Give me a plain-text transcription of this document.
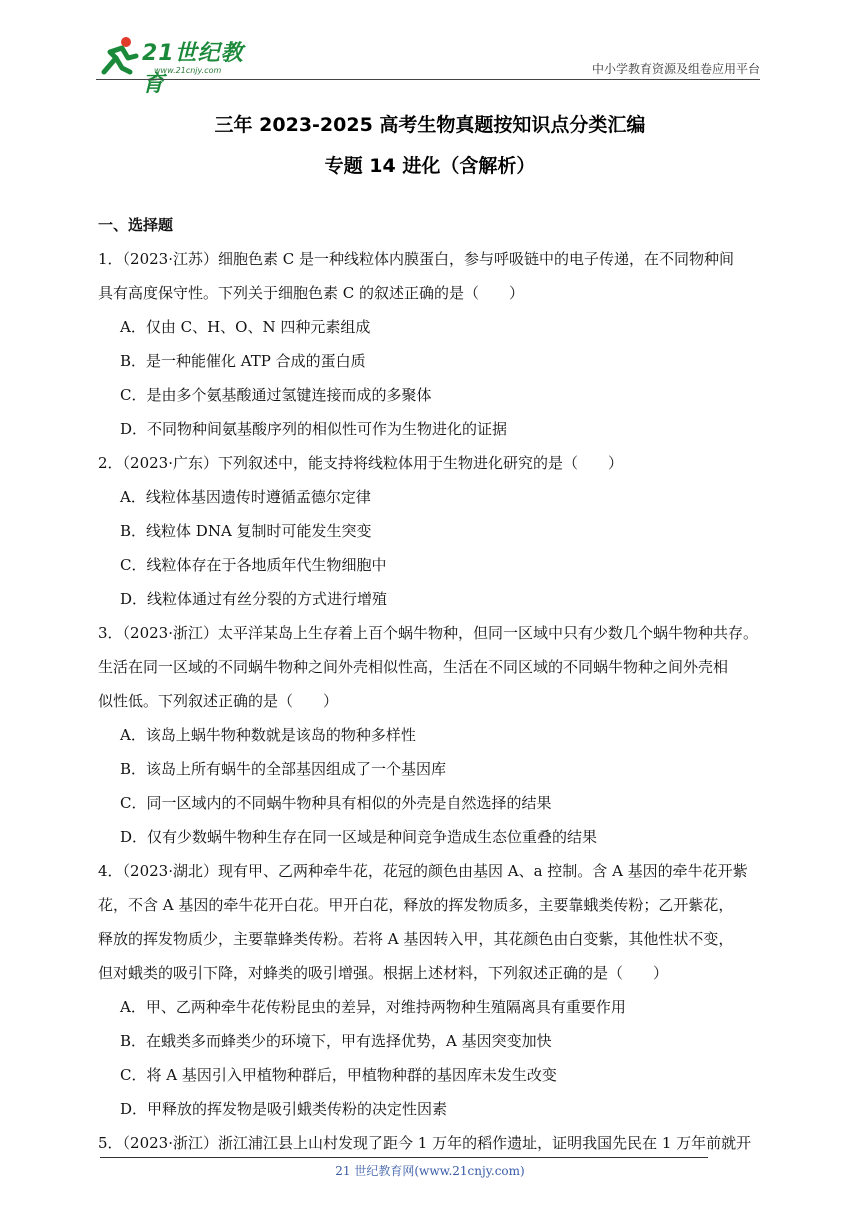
21世纪教育
www.21cnjy.com	中小学教育资源及组卷应用平台
三年 2023-2025 高考生物真题按知识点分类汇编
专题 14 进化（含解析）
一、选择题
1．（2023·江苏）细胞色素 C 是一种线粒体内膜蛋白，参与呼吸链中的电子传递，在不同物种间
具有高度保守性。下列关于细胞色素 C 的叙述正确的是（　　）
A．仅由 C、H、O、N 四种元素组成
B．是一种能催化 ATP 合成的蛋白质
C．是由多个氨基酸通过氢键连接而成的多聚体
D．不同物种间氨基酸序列的相似性可作为生物进化的证据
2．（2023·广东）下列叙述中，能支持将线粒体用于生物进化研究的是（　　）
A．线粒体基因遗传时遵循孟德尔定律
B．线粒体 DNA 复制时可能发生突变
C．线粒体存在于各地质年代生物细胞中
D．线粒体通过有丝分裂的方式进行增殖
3．（2023·浙江）太平洋某岛上生存着上百个蜗牛物种，但同一区域中只有少数几个蜗牛物种共存。
生活在同一区域的不同蜗牛物种之间外壳相似性高，生活在不同区域的不同蜗牛物种之间外壳相
似性低。下列叙述正确的是（　　）
A．该岛上蜗牛物种数就是该岛的物种多样性
B．该岛上所有蜗牛的全部基因组成了一个基因库
C．同一区域内的不同蜗牛物种具有相似的外壳是自然选择的结果
D．仅有少数蜗牛物种生存在同一区域是种间竞争造成生态位重叠的结果
4．（2023·湖北）现有甲、乙两种牵牛花，花冠的颜色由基因 A、a 控制。含 A 基因的牵牛花开紫
花，不含 A 基因的牵牛花开白花。甲开白花，释放的挥发物质多，主要靠蛾类传粉；乙开紫花，
释放的挥发物质少，主要靠蜂类传粉。若将 A 基因转入甲，其花颜色由白变紫，其他性状不变，
但对蛾类的吸引下降，对蜂类的吸引增强。根据上述材料，下列叙述正确的是（　　）
A．甲、乙两种牵牛花传粉昆虫的差异，对维持两物种生殖隔离具有重要作用
B．在蛾类多而蜂类少的环境下，甲有选择优势，A 基因突变加快
C．将 A 基因引入甲植物种群后，甲植物种群的基因库未发生改变
D．甲释放的挥发物是吸引蛾类传粉的决定性因素
5．（2023·浙江）浙江浦江县上山村发现了距今 1 万年的稻作遗址，证明我国先民在 1 万年前就开
21 世纪教育网(www.21cnjy.com)
